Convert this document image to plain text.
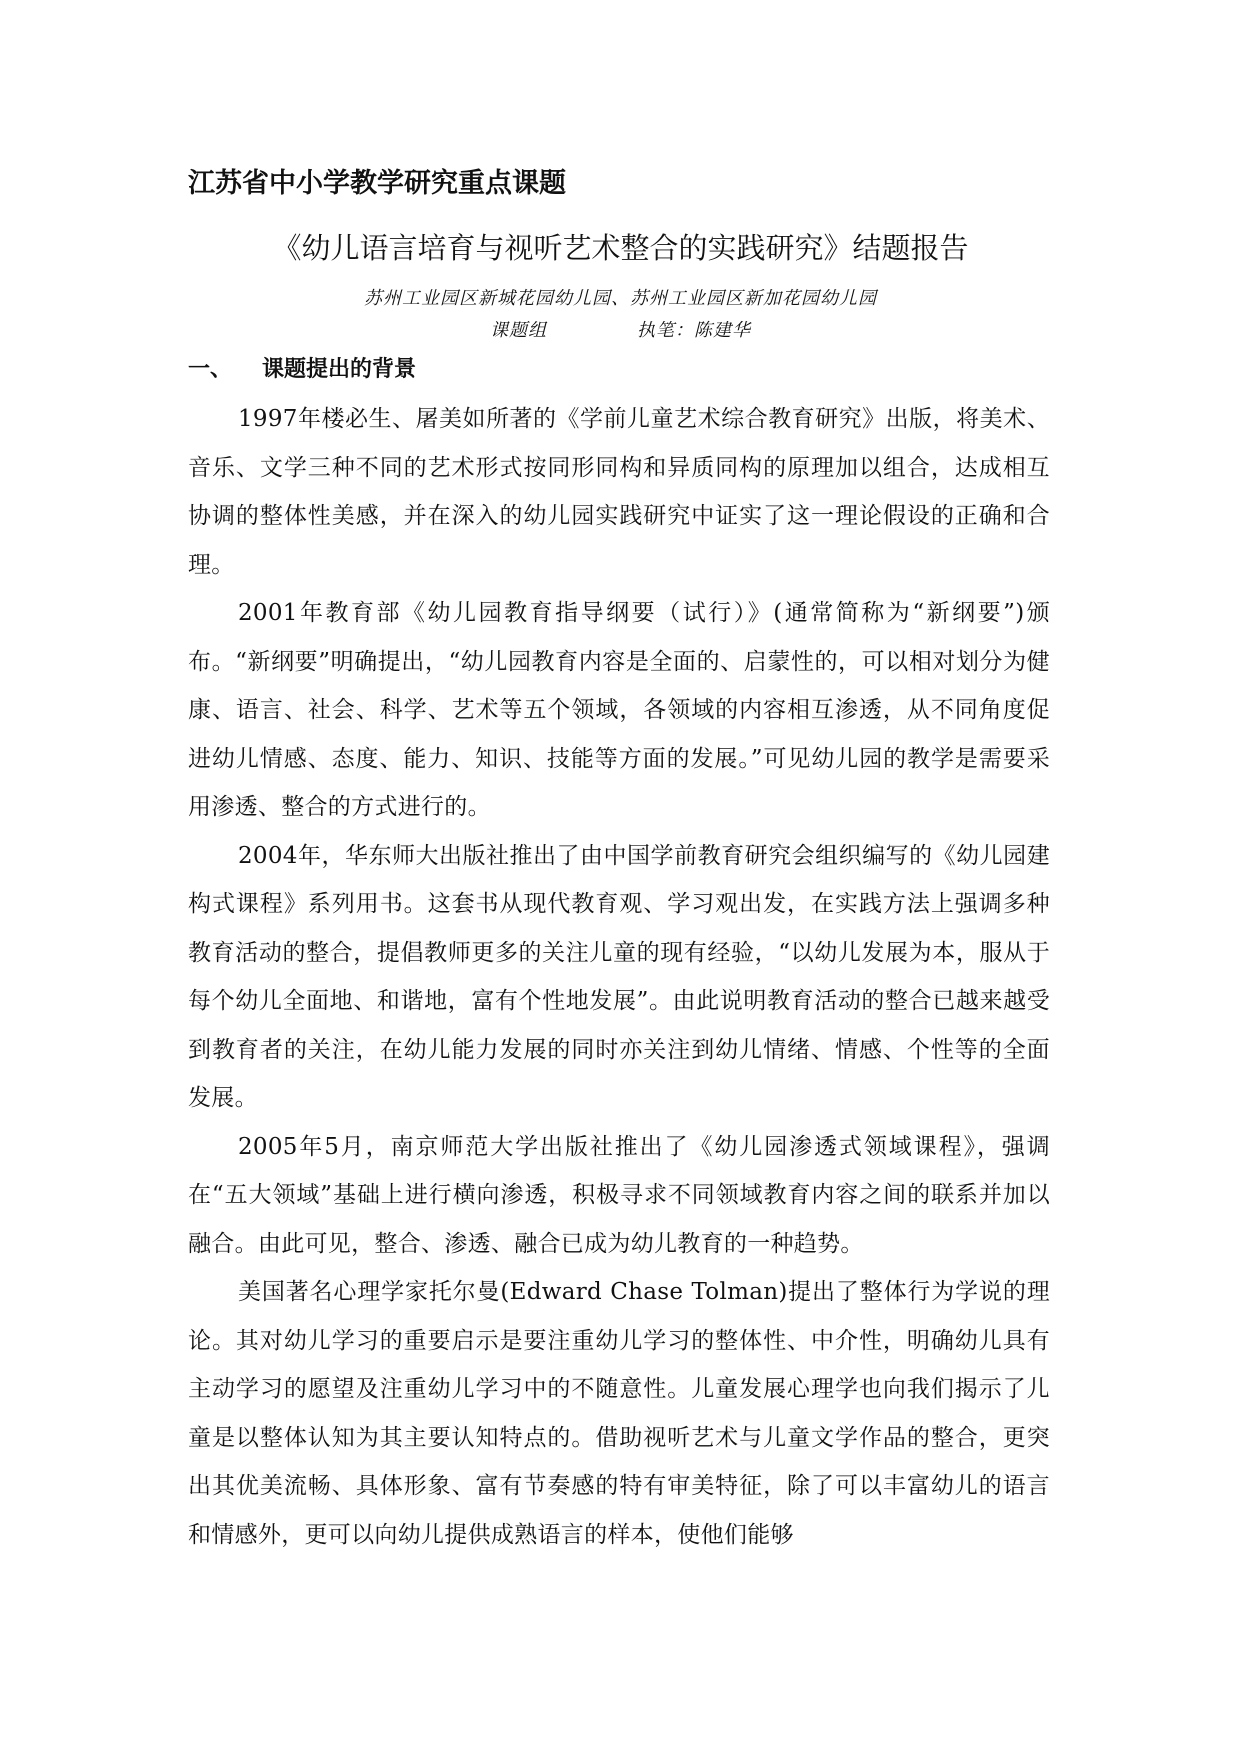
江苏省中小学教学研究重点课题
《幼儿语言培育与视听艺术整合的实践研究》结题报告
苏州工业园区新城花园幼儿园、苏州工业园区新加花园幼儿园
课题组	执笔：陈建华
一、 课题提出的背景

1997年楼必生、屠美如所著的《学前儿童艺术综合教育研究》出版，将美术、音乐、文学三种不同的艺术形式按同形同构和异质同构的原理加以组合，达成相互协调的整体性美感，并在深入的幼儿园实践研究中证实了这一理论假设的正确和合理。

2001年教育部《幼儿园教育指导纲要（试行）》(通常简称为“新纲要”)颁布。“新纲要”明确提出，“幼儿园教育内容是全面的、启蒙性的，可以相对划分为健康、语言、社会、科学、艺术等五个领域，各领域的内容相互渗透，从不同角度促进幼儿情感、态度、能力、知识、技能等方面的发展。”可见幼儿园的教学是需要采用渗透、整合的方式进行的。

2004年，华东师大出版社推出了由中国学前教育研究会组织编写的《幼儿园建构式课程》系列用书。这套书从现代教育观、学习观出发，在实践方法上强调多种教育活动的整合，提倡教师更多的关注儿童的现有经验，“以幼儿发展为本，服从于每个幼儿全面地、和谐地，富有个性地发展”。由此说明教育活动的整合已越来越受到教育者的关注，在幼儿能力发展的同时亦关注到幼儿情绪、情感、个性等的全面发展。

2005年5月，南京师范大学出版社推出了《幼儿园渗透式领域课程》，强调在“五大领域”基础上进行横向渗透，积极寻求不同领域教育内容之间的联系并加以融合。由此可见，整合、渗透、融合已成为幼儿教育的一种趋势。

美国著名心理学家托尔曼(Edward Chase Tolman)提出了整体行为学说的理论。其对幼儿学习的重要启示是要注重幼儿学习的整体性、中介性，明确幼儿具有主动学习的愿望及注重幼儿学习中的不随意性。儿童发展心理学也向我们揭示了儿童是以整体认知为其主要认知特点的。借助视听艺术与儿童文学作品的整合，更突出其优美流畅、具体形象、富有节奏感的特有审美特征，除了可以丰富幼儿的语言和情感外，更可以向幼儿提供成熟语言的样本，使他们能够
